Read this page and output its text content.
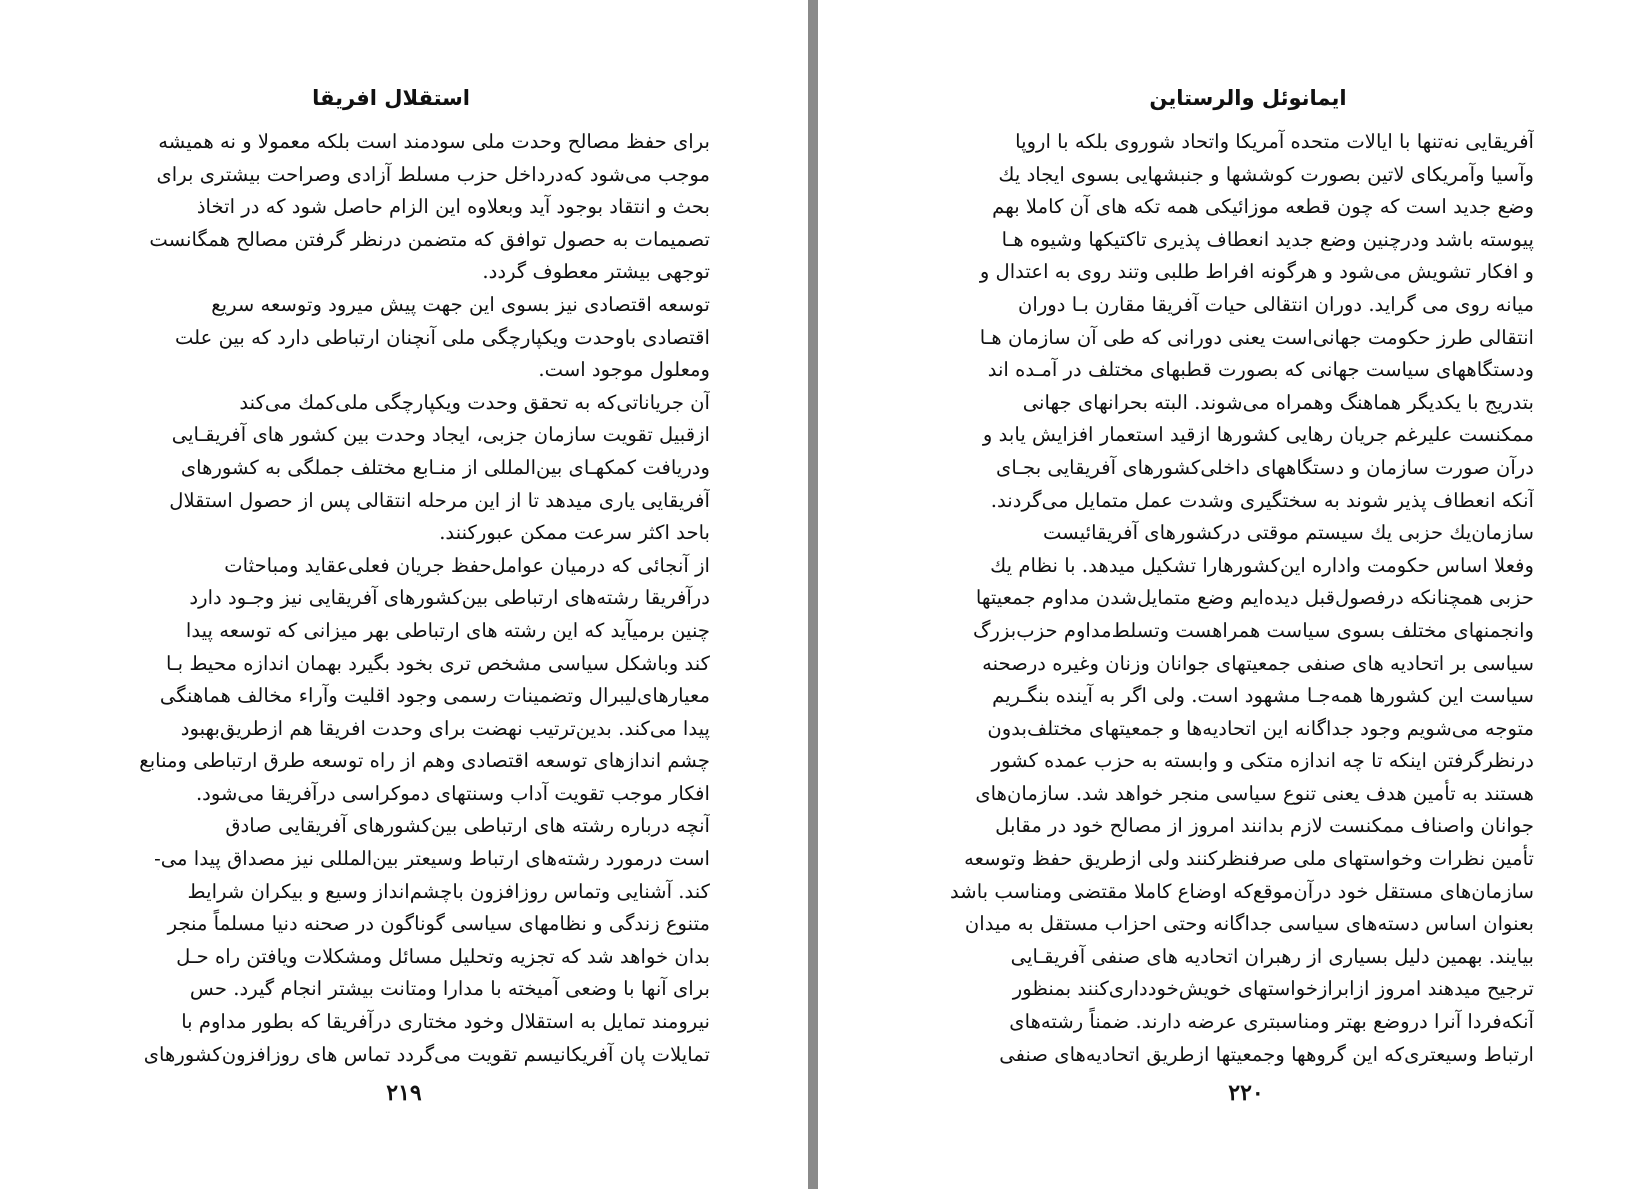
استقلال افریقا
برای حفظ مصالح وحدت ملی سودمند است بلکه معمولا و نه همیشه
موجب می‌شود که‌درداخل حزب مسلط آزادی وصراحت بیشتری برای
بحث و انتقاد بوجود آید وبعلاوه این الزام حاصل شود که در اتخاذ
تصمیمات به حصول توافق که متضمن درنظر گرفتن مصالح همگانست
توجهی بیشتر معطوف گردد.
توسعه اقتصادی نیز بسوی این جهت پیش میرود وتوسعه سریع
اقتصادی باوحدت ویکپارچگی ملی آنچنان ارتباطی دارد که بین علت
ومعلول موجود است.
آن جریاناتی‌که به تحقق وحدت ویکپارچگی ملی‌کمك می‌کند
ازقبیل تقویت سازمان جزبی، ایجاد وحدت بین کشور های آفریقـایی
ودریافت کمکهـای بین‌المللی از منـابع مختلف جملگی به کشورهای
آفریقایی یاری میدهد تا از این مرحله انتقالی پس از حصول استقلال
باحد اکثر سرعت ممکن عبورکنند.
از آنجائی که درمیان عوامل‌حفظ جریان فعلی‌عقاید ومباحثات
درآفریقا رشته‌های ارتباطی بین‌کشورهای آفریقایی نیز وجـود دارد
چنین برمیآید که این رشته های ارتباطی بهر میزانی که توسعه پیدا
کند وباشکل سیاسی مشخص تری بخود بگیرد بهمان اندازه محیط بـا
معیارهای‌لیبرال وتضمینات رسمی وجود اقلیت وآراء مخالف هماهنگی
پیدا می‌کند. بدین‌ترتیب نهضت برای وحدت افریقا هم ازطریق‌بهبود
چشم اندازهای توسعه اقتصادی وهم از راه توسعه طرق ارتباطی ومنابع
افکار موجب تقویت آداب وسنتهای دموکراسی درآفریقا می‌شود.
آنچه درباره رشته های ارتباطی بین‌کشورهای آفریقایی صادق
است درمورد رشته‌های ارتباط وسیعتر بین‌المللی نیز مصداق پیدا می-
کند. آشنایی وتماس روزافزون باچشم‌انداز وسیع و بیکران شرایط
متنوع زندگی و نظامهای سیاسی گوناگون در صحنه دنیا مسلماً منجر
بدان خواهد شد که تجزیه وتحلیل مسائل ومشکلات ویافتن راه حـل
برای آنها با وضعی آمیخته با مدارا ومتانت بیشتر انجام گیرد. حس
نیرومند تمایل به استقلال وخود مختاری درآفریقا که بطور مداوم با
تمایلات پان آفریکانیسم تقویت می‌گردد تماس های روزافزون‌کشورهای
۲۱۹
ایمانوئل والرستاین
آفریقایی نه‌تنها با ایالات متحده آمریکا واتحاد شوروی بلکه با اروپا
وآسیا وآمریکای لاتین بصورت کوششها و جنبشهایی بسوی ایجاد یك
وضع جدید است که چون قطعه موزائیکی همه تکه های آن کاملا بهم
پیوسته باشد ودرچنین وضع جدید انعطاف پذیری تاکتیکها وشیوه هـا
و افکار تشویش می‌شود و هرگونه افراط طلبی وتند روی به اعتدال و
میانه روی می گراید. دوران انتقالی حیات آفریقا مقارن بـا دوران
انتقالی طرز حکومت جهانی‌است یعنی دورانی که طی آن سازمان هـا
ودستگاههای سیاست جهانی که بصورت قطبهای مختلف در آمـده اند
بتدریج با یکدیگر هماهنگ وهمراه می‌شوند. البته بحرانهای جهانی
ممکنست علیرغم جریان رهایی کشورها ازقید استعمار افزایش یابد و
درآن صورت سازمان و دستگاههای داخلی‌کشورهای آفریقایی بجـای
آنکه انعطاف پذیر شوند به سختگیری وشدت عمل متمایل می‌گردند.
سازمان‌یك حزبی یك سیستم موقتی درکشورهای آفریقائیست
وفعلا اساس حکومت واداره این‌کشورهارا تشکیل میدهد. با نظام یك
حزبی همچنانکه درفصول‌قبل دیده‌ایم وضع متمایل‌شدن مداوم جمعیتها
وانجمنهای مختلف بسوی سیاست همراهست وتسلط‌مداوم حزب‌بزرگ
سیاسی بر اتحادیه های صنفی جمعیتهای جوانان وزنان وغیره درصحنه
سیاست این کشورها همه‌جـا مشهود است. ولی اگر به آینده بنگـریم
متوجه می‌شویم وجود جداگانه این اتحادیه‌ها و جمعیتهای مختلف‌بدون
درنظرگرفتن اینکه تا چه اندازه متکی و وابسته به حزب عمده کشور
هستند به تأمین هدف یعنی تنوع سیاسی منجر خواهد شد. سازمان‌های
جوانان واصناف ممکنست لازم بدانند امروز از مصالح خود در مقابل
تأمین نظرات وخواستهای ملی صرفنظرکنند ولی ازطریق حفظ وتوسعه
سازمان‌های مستقل خود درآن‌موقع‌که اوضاع کاملا مقتضی ومناسب باشد
بعنوان اساس دسته‌های سیاسی جداگانه وحتی احزاب مستقل به میدان
بیایند. بهمین دلیل بسیاری از رهبران اتحادیه های صنفی آفریقـایی
ترجیح میدهند امروز ازابرازخواستهای خویش‌خودداری‌کنند بمنظور
آنکه‌فردا آنرا دروضع بهتر ومناسبتری عرضه دارند. ضمناً رشته‌های
ارتباط وسیعتری‌که این گروهها وجمعیتها ازطریق اتحادیه‌های صنفی
۲۲۰
